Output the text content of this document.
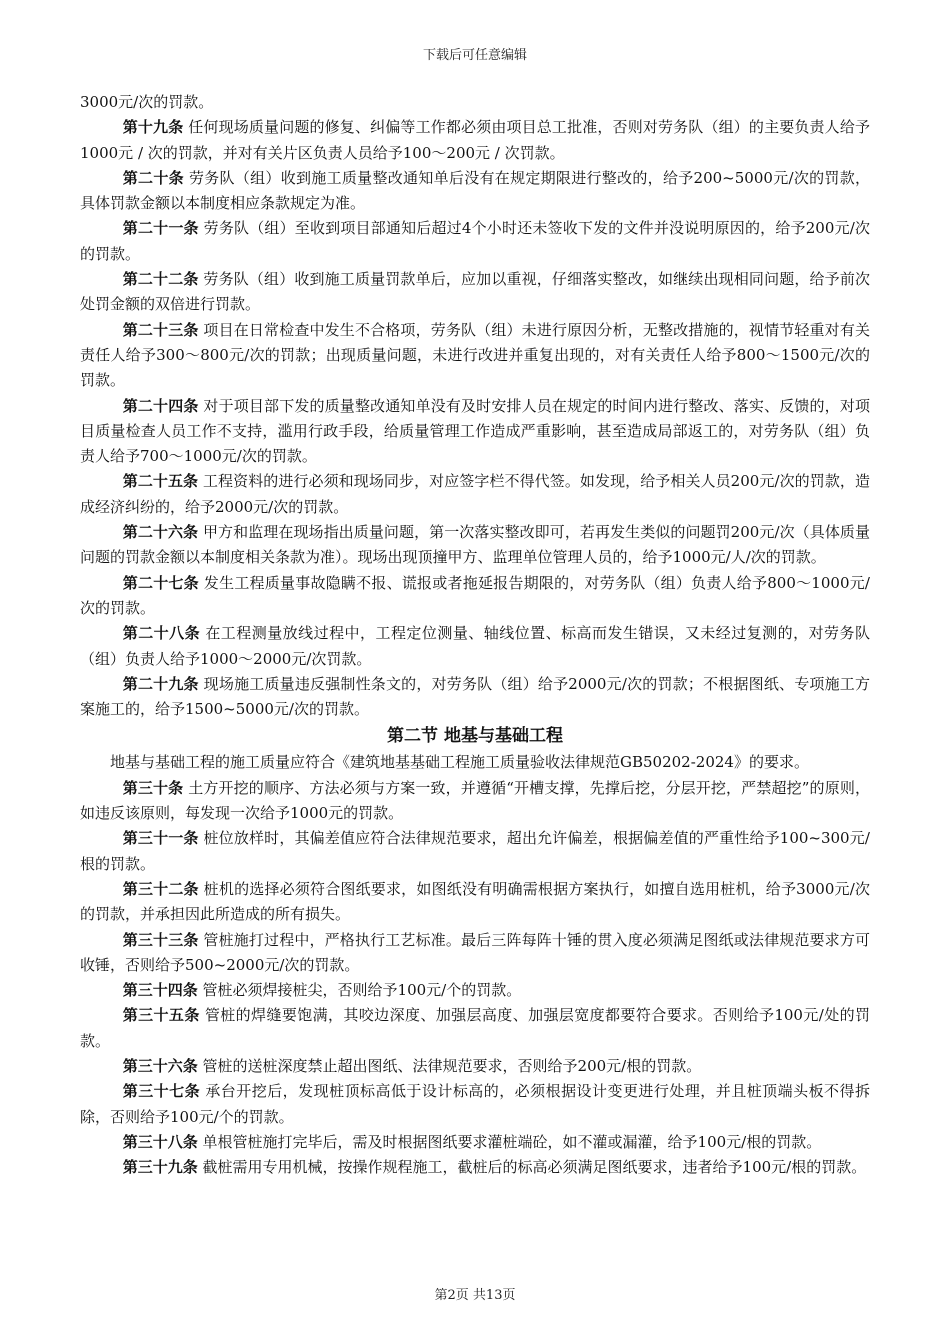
下载后可任意编辑

3000元/次的罚款。

第十九条 任何现场质量问题的修复、纠偏等工作都必须由项目总工批准，否则对劳务队（组）的主要负责人给予1000元 / 次的罚款，并对有关片区负责人员给予100～200元 / 次罚款。

第二十条 劳务队（组）收到施工质量整改通知单后没有在规定期限进行整改的，给予200~5000元/次的罚款，具体罚款金额以本制度相应条款规定为准。

第二十一条 劳务队（组）至收到项目部通知后超过4个小时还未签收下发的文件并没说明原因的，给予200元/次的罚款。

第二十二条 劳务队（组）收到施工质量罚款单后，应加以重视，仔细落实整改，如继续出现相同问题，给予前次处罚金额的双倍进行罚款。

第二十三条 项目在日常检查中发生不合格项，劳务队（组）未进行原因分析，无整改措施的，视情节轻重对有关责任人给予300～800元/次的罚款；出现质量问题，未进行改进并重复出现的，对有关责任人给予800～1500元/次的罚款。

第二十四条 对于项目部下发的质量整改通知单没有及时安排人员在规定的时间内进行整改、落实、反馈的，对项目质量检查人员工作不支持，滥用行政手段，给质量管理工作造成严重影响，甚至造成局部返工的，对劳务队（组）负责人给予700～1000元/次的罚款。

第二十五条 工程资料的进行必须和现场同步，对应签字栏不得代签。如发现，给予相关人员200元/次的罚款，造成经济纠纷的，给予2000元/次的罚款。

第二十六条 甲方和监理在现场指出质量问题，第一次落实整改即可，若再发生类似的问题罚200元/次（具体质量问题的罚款金额以本制度相关条款为准）。现场出现顶撞甲方、监理单位管理人员的，给予1000元/人/次的罚款。

第二十七条 发生工程质量事故隐瞒不报、谎报或者拖延报告期限的，对劳务队（组）负责人给予800～1000元/次的罚款。

第二十八条 在工程测量放线过程中，工程定位测量、轴线位置、标高而发生错误，又未经过复测的，对劳务队（组）负责人给予1000～2000元/次罚款。

第二十九条 现场施工质量违反强制性条文的，对劳务队（组）给予2000元/次的罚款；不根据图纸、专项施工方案施工的，给予1500~5000元/次的罚款。

第二节 地基与基础工程

地基与基础工程的施工质量应符合《建筑地基基础工程施工质量验收法律规范GB50202-2024》的要求。

第三十条 土方开挖的顺序、方法必须与方案一致，并遵循“开槽支撑，先撑后挖，分层开挖，严禁超挖”的原则，如违反该原则，每发现一次给予1000元的罚款。

第三十一条 桩位放样时，其偏差值应符合法律规范要求，超出允许偏差，根据偏差值的严重性给予100~300元/根的罚款。

第三十二条 桩机的选择必须符合图纸要求，如图纸没有明确需根据方案执行，如擅自选用桩机，给予3000元/次的罚款，并承担因此所造成的所有损失。

第三十三条 管桩施打过程中，严格执行工艺标准。最后三阵每阵十锤的贯入度必须满足图纸或法律规范要求方可收锤，否则给予500~2000元/次的罚款。

第三十四条 管桩必须焊接桩尖，否则给予100元/个的罚款。

第三十五条 管桩的焊缝要饱满，其咬边深度、加强层高度、加强层宽度都要符合要求。否则给予100元/处的罚款。

第三十六条 管桩的送桩深度禁止超出图纸、法律规范要求，否则给予200元/根的罚款。

第三十七条 承台开挖后，发现桩顶标高低于设计标高的，必须根据设计变更进行处理，并且桩顶端头板不得拆除，否则给予100元/个的罚款。

第三十八条 单根管桩施打完毕后，需及时根据图纸要求灌桩端砼，如不灌或漏灌，给予100元/根的罚款。

第三十九条 截桩需用专用机械，按操作规程施工，截桩后的标高必须满足图纸要求，违者给予100元/根的罚款。

第2页 共13页
